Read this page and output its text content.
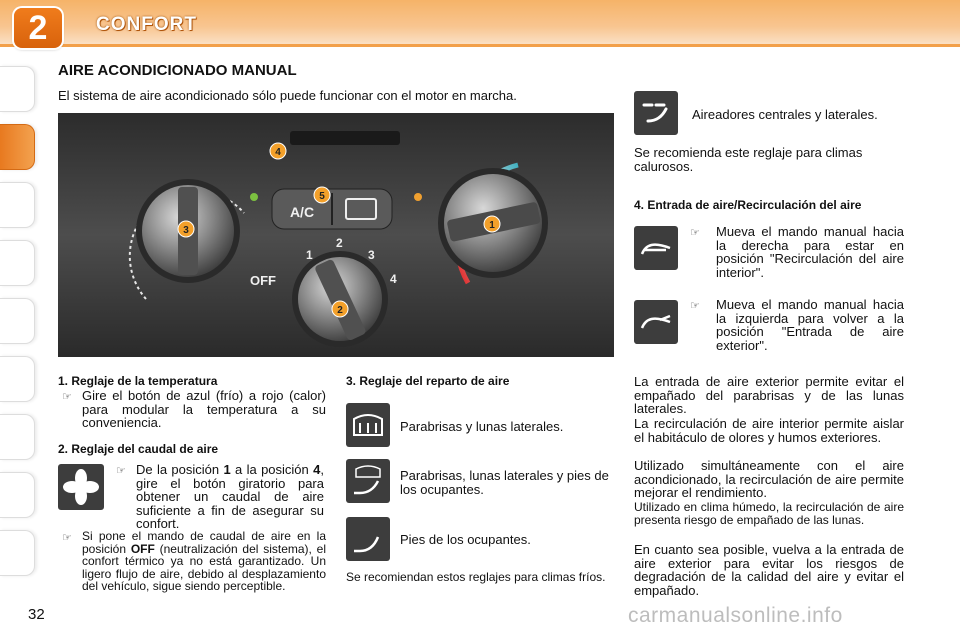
2	CONFORT
AIRE ACONDICIONADO MANUAL
El sistema de aire acondicionado sólo puede funcionar con el motor en marcha.
A/C
OFF
1
2
3
4
1
2
3
4
5
Aireadores centrales y laterales.
Se recomienda este reglaje para climas calurosos.
4. Entrada de aire/Recirculación del aire
☞ Mueva el mando manual hacia la derecha para estar en posición "Recirculación del aire interior".
☞ Mueva el mando manual hacia la izquierda para volver a la posición "Entrada de aire exterior".
La entrada de aire exterior permite evitar el empañado del parabrisas y de las lunas laterales.
La recirculación de aire interior permite aislar el habitáculo de olores y humos exteriores.
Utilizado simultáneamente con el aire acondicionado, la recirculación de aire permite mejorar el rendimiento.
Utilizado en clima húmedo, la recirculación de aire presenta riesgo de empañado de las lunas.
En cuanto sea posible, vuelva a la entrada de aire exterior para evitar los riesgos de degradación de la calidad del aire y evitar el empañado.
1. Reglaje de la temperatura
☞ Gire el botón de azul (frío) a rojo (calor) para modular la temperatura a su conveniencia.
2. Reglaje del caudal de aire
☞ De la posición 1 a la posición 4, gire el botón giratorio para obtener un caudal de aire suficiente a fin de asegurar su confort.
☞ Si pone el mando de caudal de aire en la posición OFF (neutralización del sistema), el confort térmico ya no está garantizado. Un ligero flujo de aire, debido al desplazamiento del vehículo, sigue siendo perceptible.
3. Reglaje del reparto de aire
Parabrisas y lunas laterales.
Parabrisas, lunas laterales y pies de los ocupantes.
Pies de los ocupantes.
Se recomiendan estos reglajes para climas fríos.
32	carmanualsonline.info
